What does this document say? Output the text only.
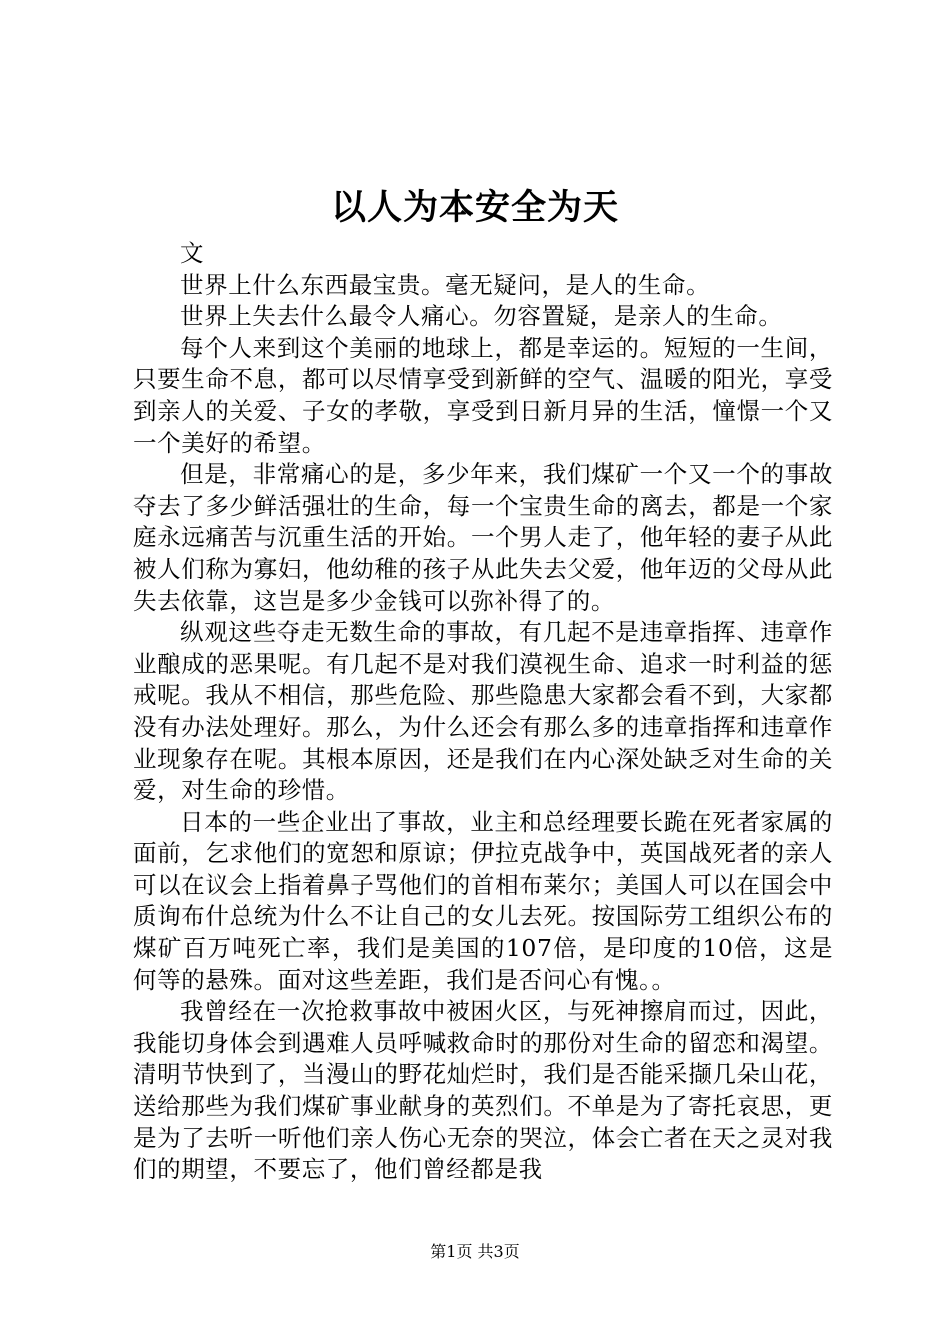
以人为本安全为天

文

世界上什么东西最宝贵。毫无疑问，是人的生命。

世界上失去什么最令人痛心。勿容置疑，是亲人的生命。

每个人来到这个美丽的地球上，都是幸运的。短短的一生间，只要生命不息，都可以尽情享受到新鲜的空气、温暖的阳光，享受到亲人的关爱、子女的孝敬，享受到日新月异的生活，憧憬一个又一个美好的希望。

但是，非常痛心的是，多少年来，我们煤矿一个又一个的事故夺去了多少鲜活强壮的生命，每一个宝贵生命的离去，都是一个家庭永远痛苦与沉重生活的开始。一个男人走了，他年轻的妻子从此被人们称为寡妇，他幼稚的孩子从此失去父爱，他年迈的父母从此失去依靠，这岂是多少金钱可以弥补得了的。

纵观这些夺走无数生命的事故，有几起不是违章指挥、违章作业酿成的恶果呢。有几起不是对我们漠视生命、追求一时利益的惩戒呢。我从不相信，那些危险、那些隐患大家都会看不到，大家都没有办法处理好。那么，为什么还会有那么多的违章指挥和违章作业现象存在呢。其根本原因，还是我们在内心深处缺乏对生命的关爱，对生命的珍惜。

日本的一些企业出了事故，业主和总经理要长跪在死者家属的面前，乞求他们的宽恕和原谅；伊拉克战争中，英国战死者的亲人可以在议会上指着鼻子骂他们的首相布莱尔；美国人可以在国会中质询布什总统为什么不让自己的女儿去死。按国际劳工组织公布的煤矿百万吨死亡率，我们是美国的107倍，是印度的10倍，这是何等的悬殊。面对这些差距，我们是否问心有愧。。

我曾经在一次抢救事故中被困火区，与死神擦肩而过，因此，我能切身体会到遇难人员呼喊救命时的那份对生命的留恋和渴望。清明节快到了，当漫山的野花灿烂时，我们是否能采撷几朵山花，送给那些为我们煤矿事业献身的英烈们。不单是为了寄托哀思，更是为了去听一听他们亲人伤心无奈的哭泣，体会亡者在天之灵对我们的期望，不要忘了，他们曾经都是我

第1页 共3页
